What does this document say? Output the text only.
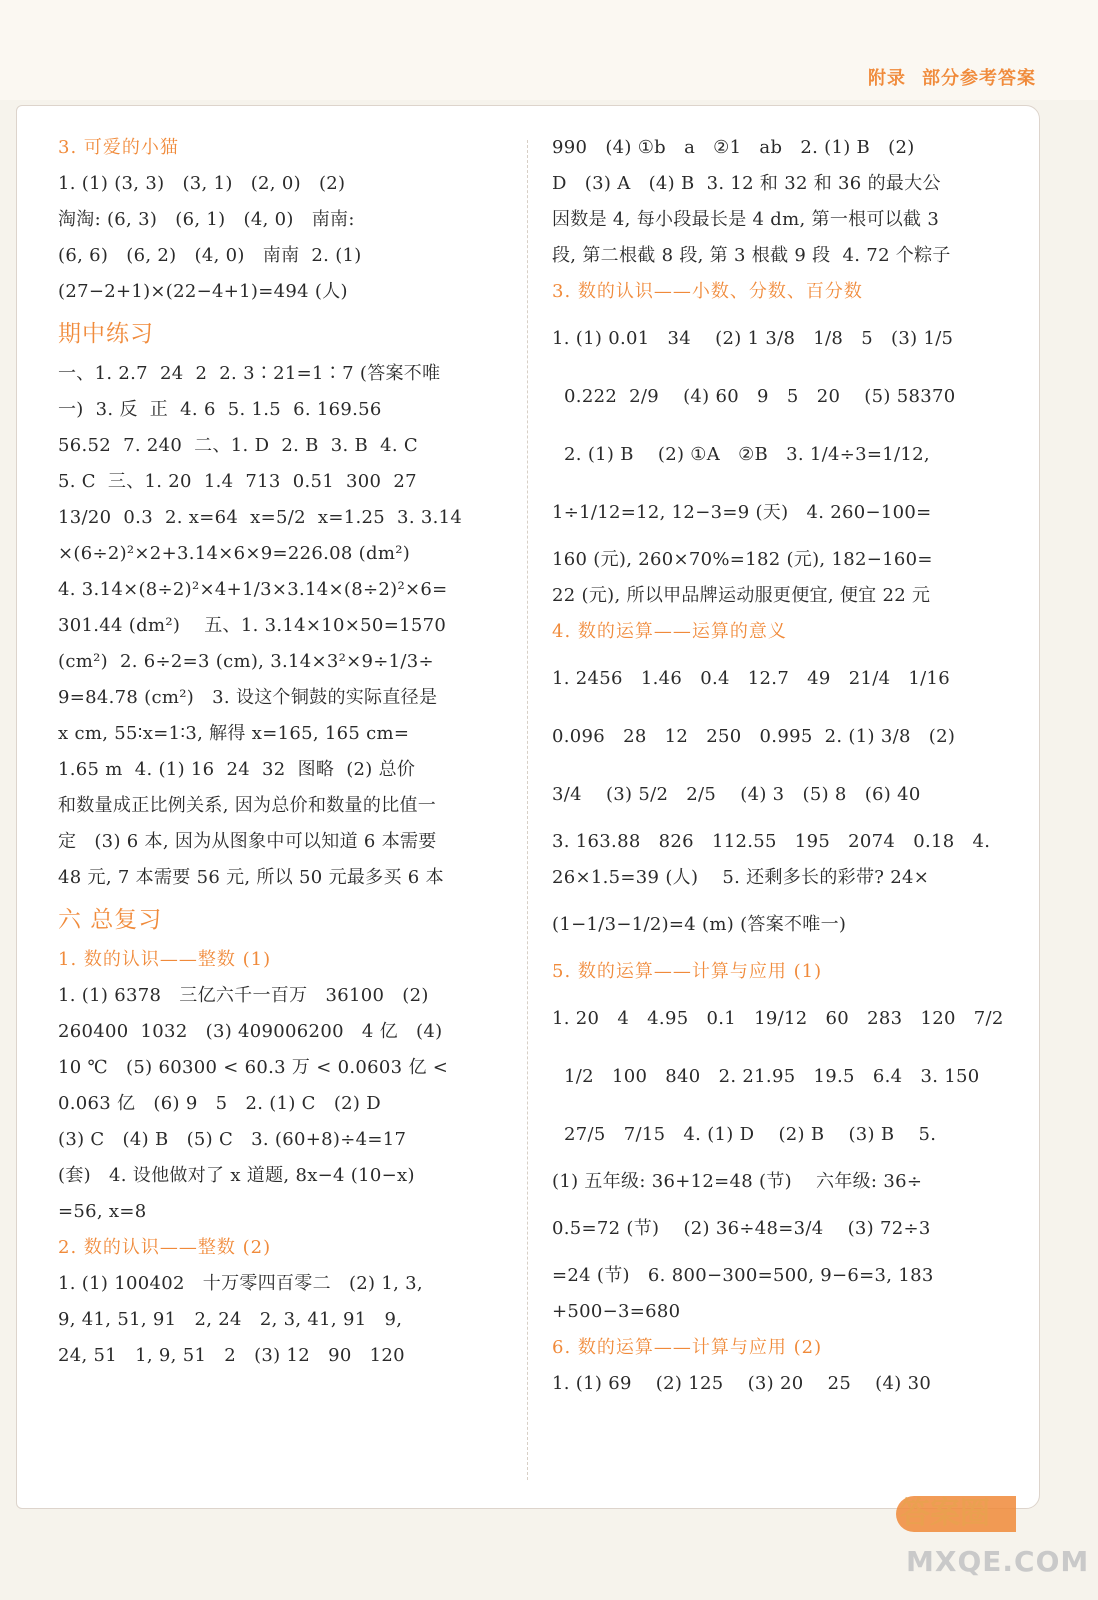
附录 部分参考答案
3. 可爱的小猫
1. (1) (3, 3)   (3, 1)   (2, 0)   (2)
淘淘: (6, 3)   (6, 1)   (4, 0)   南南:
(6, 6)   (6, 2)   (4, 0)   南南  2. (1)
(27−2+1)×(22−4+1)=494 (人)
期中练习
一、1. 2.7  24  2  2. 3∶21=1∶7 (答案不唯
一)  3. 反  正  4. 6  5. 1.5  6. 169.56
56.52  7. 240  二、1. D  2. B  3. B  4. C
5. C  三、1. 20  1.4  713  0.51  300  27
13/20  0.3  2. x=64  x=5/2  x=1.25  3. 3.14
×(6÷2)²×2+3.14×6×9=226.08 (dm²)
4. 3.14×(8÷2)²×4+1/3×3.14×(8÷2)²×6=
301.44 (dm²)    五、1. 3.14×10×50=1570
(cm²)  2. 6÷2=3 (cm), 3.14×3²×9÷1/3÷
9=84.78 (cm²)   3. 设这个铜鼓的实际直径是
x cm, 55∶x=1∶3, 解得 x=165, 165 cm=
1.65 m  4. (1) 16  24  32  图略  (2) 总价
和数量成正比例关系, 因为总价和数量的比值一
定   (3) 6 本, 因为从图象中可以知道 6 本需要
48 元, 7 本需要 56 元, 所以 50 元最多买 6 本
六 总复习
1. 数的认识——整数 (1)
1. (1) 6378   三亿六千一百万   36100   (2)
260400  1032   (3) 409006200   4 亿   (4)
10 ℃   (5) 60300 < 60.3 万 < 0.0603 亿 <
0.063 亿   (6) 9   5   2. (1) C   (2) D
(3) C   (4) B   (5) C   3. (60+8)÷4=17
(套)   4. 设他做对了 x 道题, 8x−4 (10−x)
=56, x=8
2. 数的认识——整数 (2)
1. (1) 100402   十万零四百零二   (2) 1, 3,
9, 41, 51, 91   2, 24   2, 3, 41, 91   9,
24, 51   1, 9, 51   2   (3) 12   90   120
990   (4) ①b   a   ②1   ab   2. (1) B   (2)
D   (3) A   (4) B  3. 12 和 32 和 36 的最大公
因数是 4, 每小段最长是 4 dm, 第一根可以截 3
段, 第二根截 8 段, 第 3 根截 9 段  4. 72 个粽子
3. 数的认识——小数、分数、百分数
1. (1) 0.01   34    (2) 1 3/8   1/8   5   (3) 1/5
0.222  2/9    (4) 60   9   5   20    (5) 58370
2. (1) B    (2) ①A   ②B   3. 1/4÷3=1/12,
1÷1/12=12, 12−3=9 (天)   4. 260−100=
160 (元), 260×70%=182 (元), 182−160=
22 (元), 所以甲品牌运动服更便宜, 便宜 22 元
4. 数的运算——运算的意义
1. 2456   1.46   0.4   12.7   49   21/4   1/16
0.096   28   12   250   0.995  2. (1) 3/8   (2)
3/4    (3) 5/2   2/5    (4) 3   (5) 8   (6) 40
3. 163.88   826   112.55   195   2074   0.18   4.
26×1.5=39 (人)    5. 还剩多长的彩带? 24×
(1−1/3−1/2)=4 (m) (答案不唯一)
5. 数的运算——计算与应用 (1)
1. 20   4   4.95   0.1   19/12   60   283   120   7/2
1/2   100   840   2. 21.95   19.5   6.4   3. 150
27/5   7/15   4. (1) D    (2) B    (3) B    5.
(1) 五年级: 36+12=48 (节)    六年级: 36÷
0.5=72 (节)    (2) 36÷48=3/4    (3) 72÷3
=24 (节)   6. 800−300=500, 9−6=3, 183
+500−3=680
6. 数的运算——计算与应用 (2)
1. (1) 69    (2) 125    (3) 20    25    (4) 30
答案圈
MXQE.COM
